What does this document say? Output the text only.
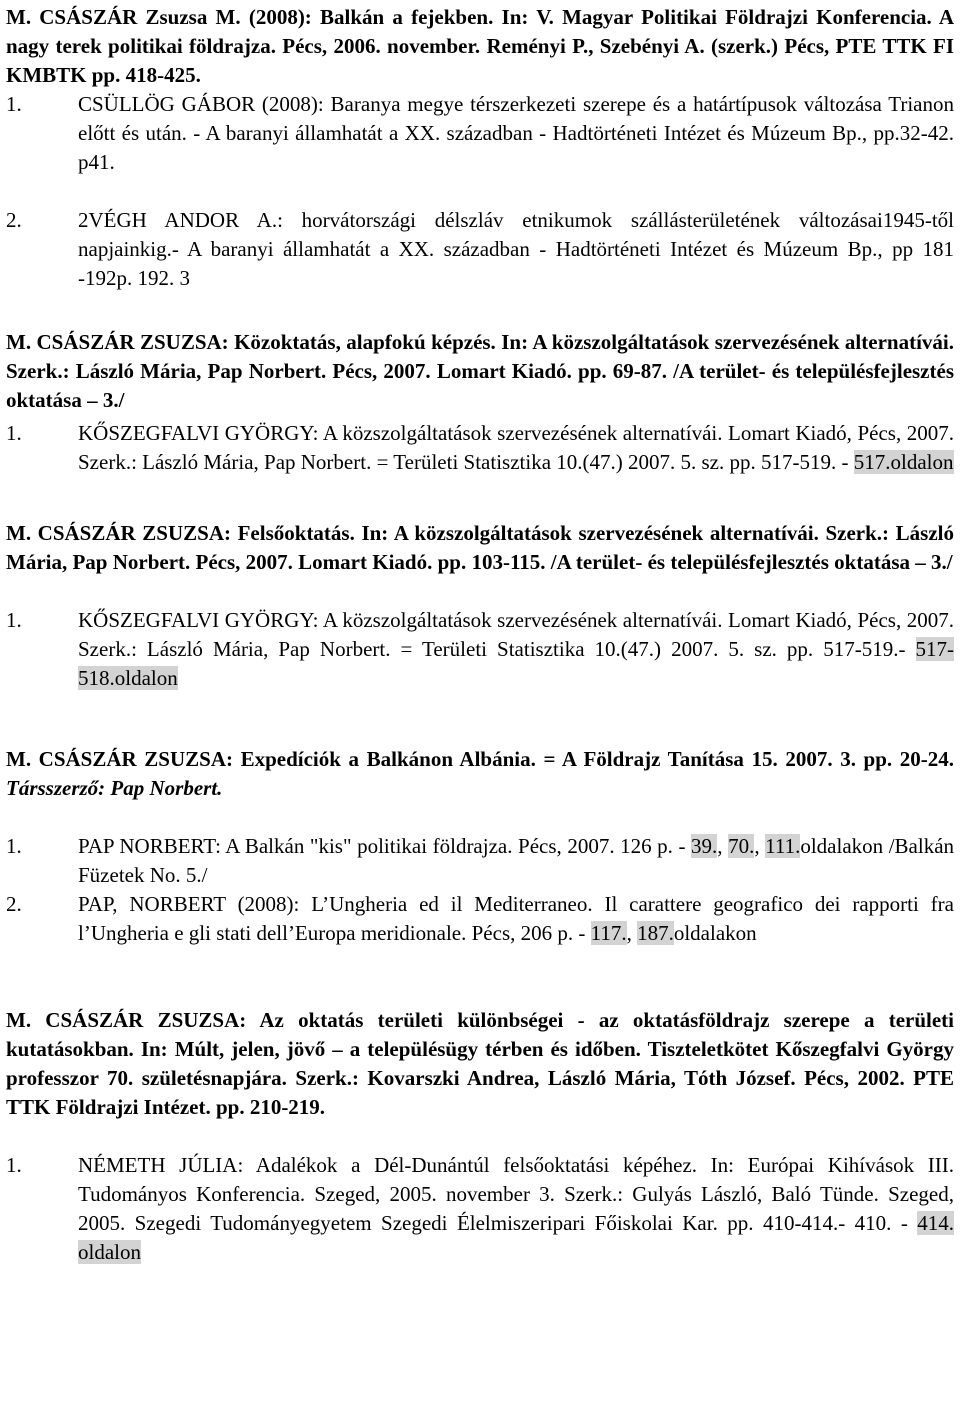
M. CSÁSZÁR Zsuzsa M. (2008): Balkán a fejekben. In: V. Magyar Politikai Földrajzi Konferencia. A nagy terek politikai földrajza. Pécs, 2006. november. Reményi P., Szebényi A. (szerk.) Pécs, PTE TTK FI KMBTK pp. 418-425.

1.	CSÜLLÖG GÁBOR (2008): Baranya megye térszerkezeti szerepe és a határtípusok változása Trianon előtt és után. - A baranyi államhatát a XX. században - Hadtörténeti Intézet és Múzeum Bp., pp.32-42. p41.
2.	2VÉGH ANDOR A.: horvátországi délszláv etnikumok szállásterületének változásai1945-től napjainkig.- A baranyi államhatát a XX. században - Hadtörténeti Intézet és Múzeum Bp., pp 181 -192p. 192. 3

M. CSÁSZÁR ZSUZSA: Közoktatás, alapfokú képzés. In: A közszolgáltatások szervezésének alternatívái. Szerk.: László Mária, Pap Norbert. Pécs, 2007. Lomart Kiadó. pp. 69-87. /A terület- és településfejlesztés oktatása – 3./

1.	KŐSZEGFALVI GYÖRGY: A közszolgáltatások szervezésének alternatívái. Lomart Kiadó, Pécs, 2007. Szerk.: László Mária, Pap Norbert. = Területi Statisztika 10.(47.) 2007. 5. sz. pp. 517-519. - 517.oldalon

M. CSÁSZÁR ZSUZSA: Felsőoktatás. In: A közszolgáltatások szervezésének alternatívái. Szerk.: László Mária, Pap Norbert. Pécs, 2007. Lomart Kiadó. pp. 103-115. /A terület- és településfejlesztés oktatása – 3./

1.	KŐSZEGFALVI GYÖRGY: A közszolgáltatások szervezésének alternatívái. Lomart Kiadó, Pécs, 2007. Szerk.: László Mária, Pap Norbert. = Területi Statisztika 10.(47.) 2007. 5. sz. pp. 517-519.- 517-518.oldalon

M. CSÁSZÁR ZSUZSA: Expedíciók a Balkánon Albánia. = A Földrajz Tanítása 15. 2007. 3. pp. 20-24. Társszerző: Pap Norbert.

1.	PAP NORBERT: A Balkán "kis" politikai földrajza. Pécs, 2007. 126 p. - 39., 70., 111.oldalakon /Balkán Füzetek No. 5./
2.	PAP, NORBERT (2008): L’Ungheria ed il Mediterraneo. Il carattere geografico dei rapporti fra l’Ungheria e gli stati dell’Europa meridionale. Pécs, 206 p. - 117., 187.oldalakon

M. CSÁSZÁR ZSUZSA: Az oktatás területi különbségei - az oktatásföldrajz szerepe a területi kutatásokban. In: Múlt, jelen, jövő – a településügy térben és időben. Tiszteletkötet Kőszegfalvi György professzor 70. születésnapjára. Szerk.: Kovarszki Andrea, László Mária, Tóth József. Pécs, 2002. PTE TTK Földrajzi Intézet. pp. 210-219.

1.	NÉMETH JÚLIA: Adalékok a Dél-Dunántúl felsőoktatási képéhez. In: Európai Kihívások III. Tudományos Konferencia. Szeged, 2005. november 3. Szerk.: Gulyás László, Baló Tünde. Szeged, 2005. Szegedi Tudományegyetem Szegedi Élelmiszeripari Főiskolai Kar. pp. 410-414.- 410. - 414. oldalon
